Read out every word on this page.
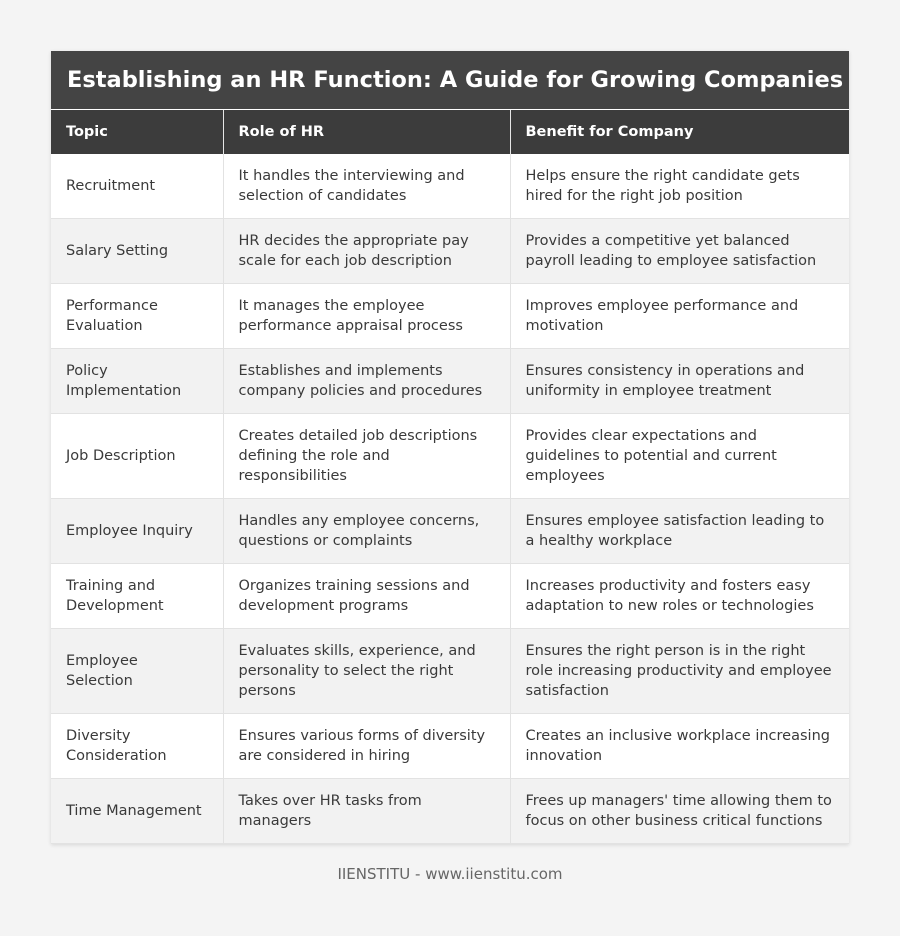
Establishing an HR Function: A Guide for Growing Companies
Topic	Role of HR	Benefit for Company
Recruitment	It handles the interviewing and selection of candidates	Helps ensure the right candidate gets hired for the right job position
Salary Setting	HR decides the appropriate pay scale for each job description	Provides a competitive yet balanced payroll leading to employee satisfaction
Performance Evaluation	It manages the employee performance appraisal process	Improves employee performance and motivation
Policy Implementation	Establishes and implements company policies and procedures	Ensures consistency in operations and uniformity in employee treatment
Job Description	Creates detailed job descriptions defining the role and responsibilities	Provides clear expectations and guidelines to potential and current employees
Employee Inquiry	Handles any employee concerns, questions or complaints	Ensures employee satisfaction leading to a healthy workplace
Training and Development	Organizes training sessions and development programs	Increases productivity and fosters easy adaptation to new roles or technologies
Employee Selection	Evaluates skills, experience, and personality to select the right persons	Ensures the right person is in the right role increasing productivity and employee satisfaction
Diversity Consideration	Ensures various forms of diversity are considered in hiring	Creates an inclusive workplace increasing innovation
Time Management	Takes over HR tasks from managers	Frees up managers' time allowing them to focus on other business critical functions
IIENSTITU - www.iienstitu.com
